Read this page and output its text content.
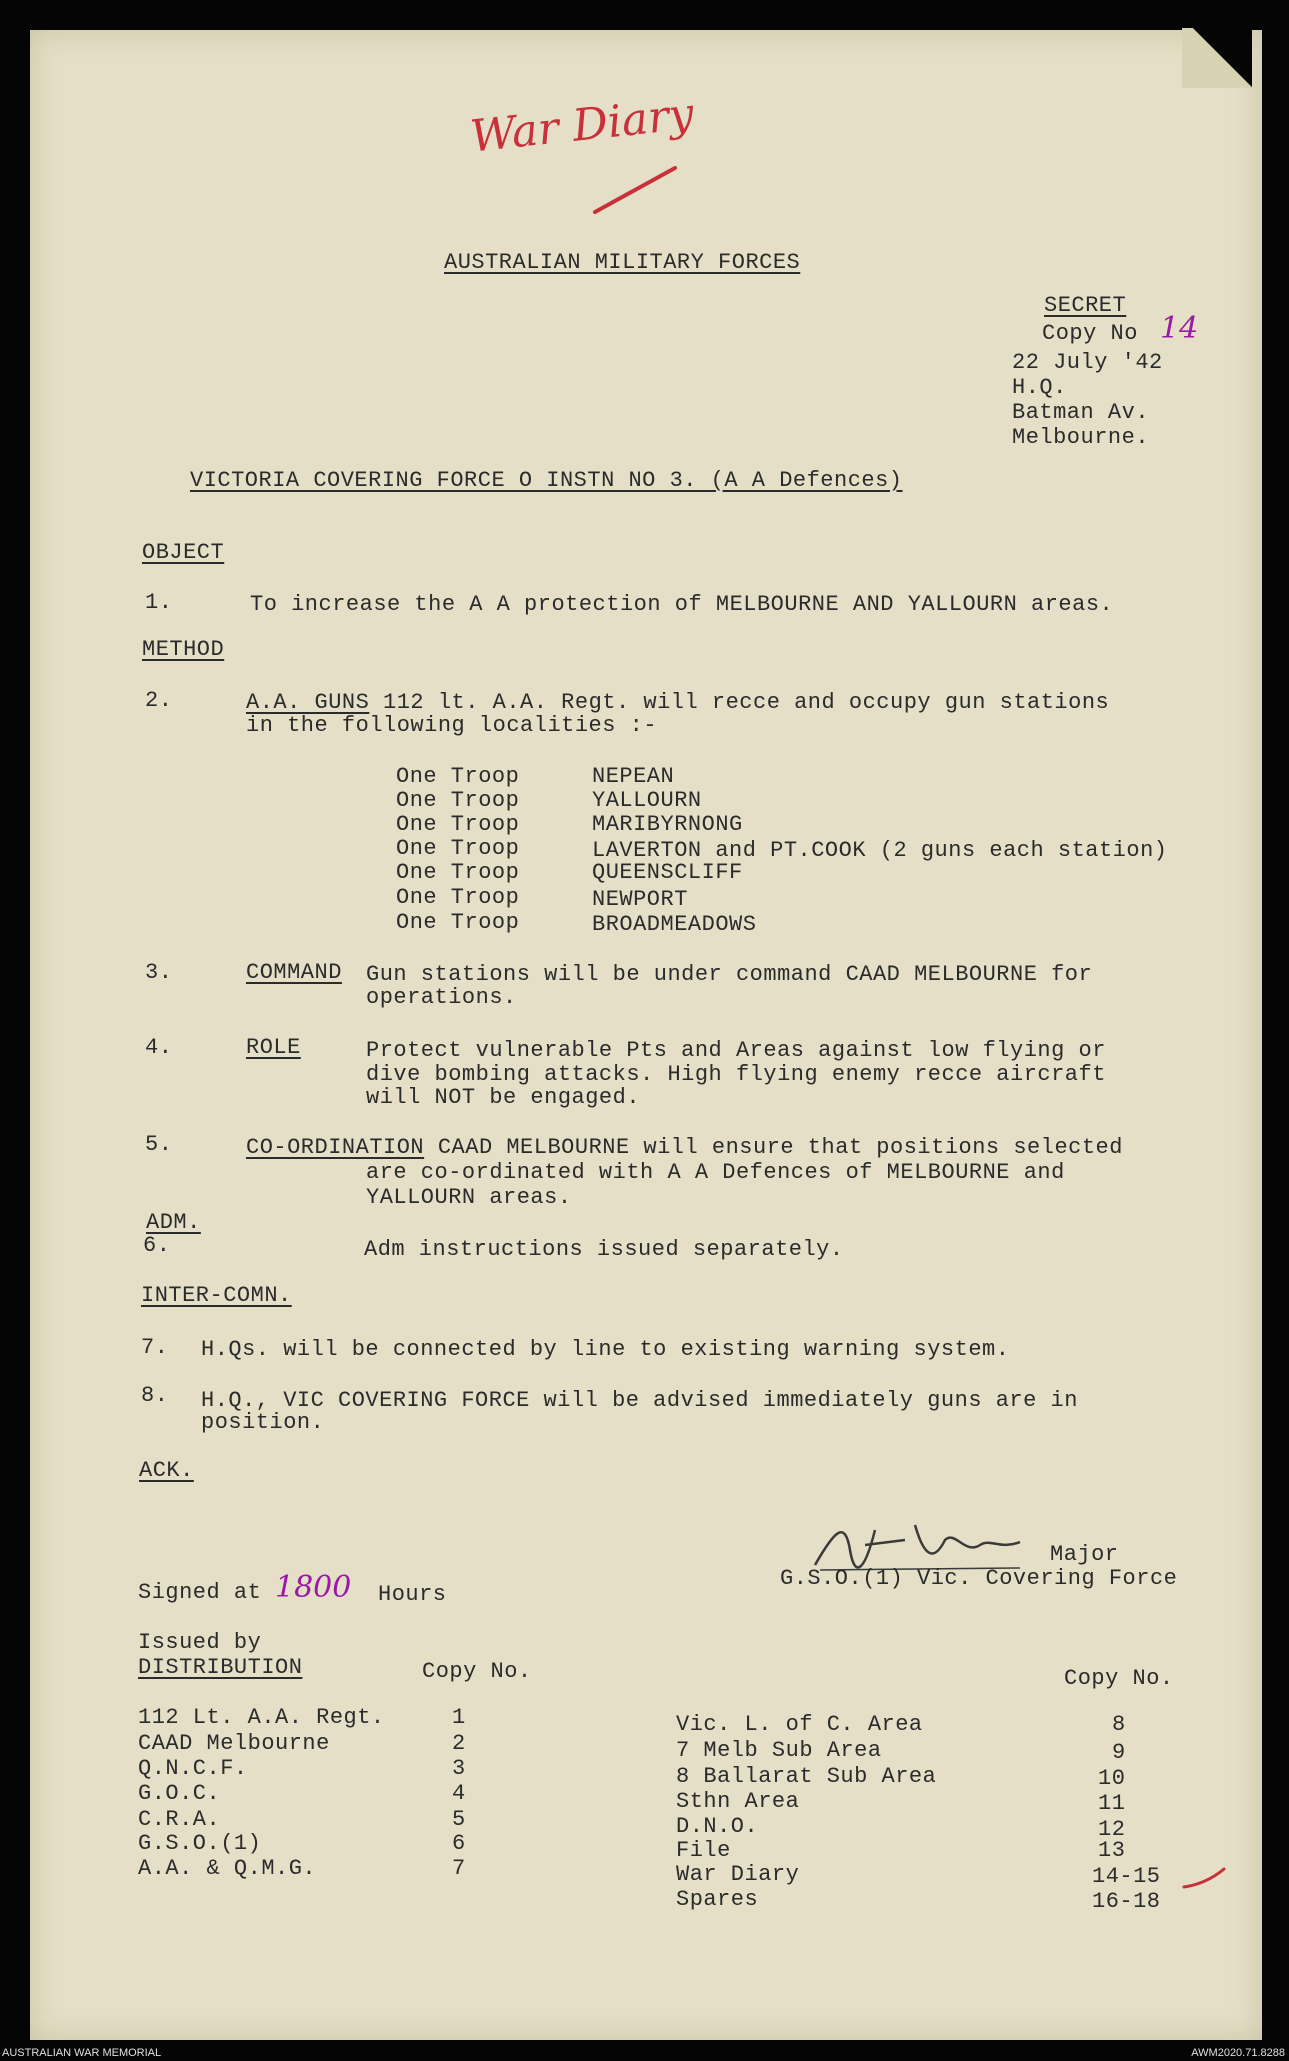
War Diary
AUSTRALIAN MILITARY FORCES
SECRET
Copy No 14
22 July '42
H.Q.
Batman Av.
Melbourne.
VICTORIA COVERING FORCE O INSTN NO 3. (A A Defences)
OBJECT
1.	To increase the A A protection of MELBOURNE AND YALLOURN areas.
METHOD
2.	A.A. GUNS 112 lt. A.A. Regt. will recce and occupy gun stations
in the following localities :-
One Troop	NEPEAN
One Troop	YALLOURN
One Troop	MARIBYRNONG
One Troop	LAVERTON and PT.COOK (2 guns each station)
One Troop	QUEENSCLIFF
One Troop	NEWPORT
One Troop	BROADMEADOWS
3.	COMMAND Gun stations will be under command CAAD MELBOURNE for
operations.
4.	ROLE	Protect vulnerable Pts and Areas against low flying or
dive bombing attacks. High flying enemy recce aircraft
will NOT be engaged.
5.	CO-ORDINATION CAAD MELBOURNE will ensure that positions selected
are co-ordinated with A A Defences of MELBOURNE and
YALLOURN areas.
ADM.
6.	Adm instructions issued separately.
INTER-COMN.
7. H.Qs. will be connected by line to existing warning system.
8. H.Q., VIC COVERING FORCE will be advised immediately guns are in
position.
ACK.
Major
G.S.O.(1) Vic. Covering Force
Signed at 1800 Hours
Issued by
DISTRIBUTION	Copy No.	Copy No.
112 Lt. A.A. Regt.	1
CAAD Melbourne	2
Q.N.C.F.	3
G.O.C.	4
C.R.A.	5
G.S.O.(1)	6
A.A. & Q.M.G.	7
Vic. L. of C. Area	8
7 Melb Sub Area	9
8 Ballarat Sub Area	10
Sthn Area	11
D.N.O.	12
File	13
War Diary	14-15
Spares	16-18
AUSTRALIAN WAR MEMORIAL	AWM2020.71.8288
